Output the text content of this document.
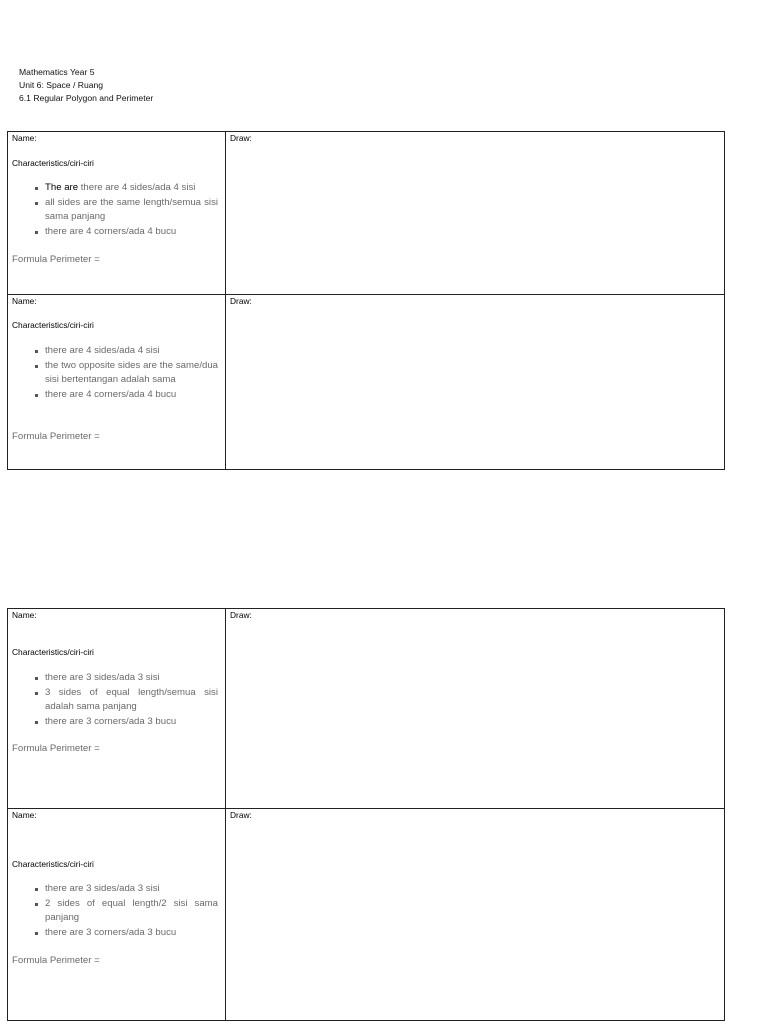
Mathematics Year 5
Unit 6: Space / Ruang
6.1 Regular Polygon and Perimeter
Name:
Characteristics/ciri-ciri
The are there are 4 sides/ada 4 sisi
all sides are the same length/semua sisi sama panjang
there are 4 corners/ada 4 bucu
Formula Perimeter =
Draw:
Name:
Characteristics/ciri-ciri
there are 4 sides/ada 4 sisi
the two opposite sides are the same/dua sisi bertentangan adalah sama
there are 4 corners/ada 4 bucu
Formula Perimeter =
Draw:
Name:
Characteristics/ciri-ciri
there are 3 sides/ada 3 sisi
3 sides of equal length/semua sisi adalah sama panjang
there are 3 corners/ada 3 bucu
Formula Perimeter =
Draw:
Name:
Characteristics/ciri-ciri
there are 3 sides/ada 3 sisi
2 sides of equal length/2 sisi sama panjang
there are 3 corners/ada 3 bucu
Formula Perimeter =
Draw:
